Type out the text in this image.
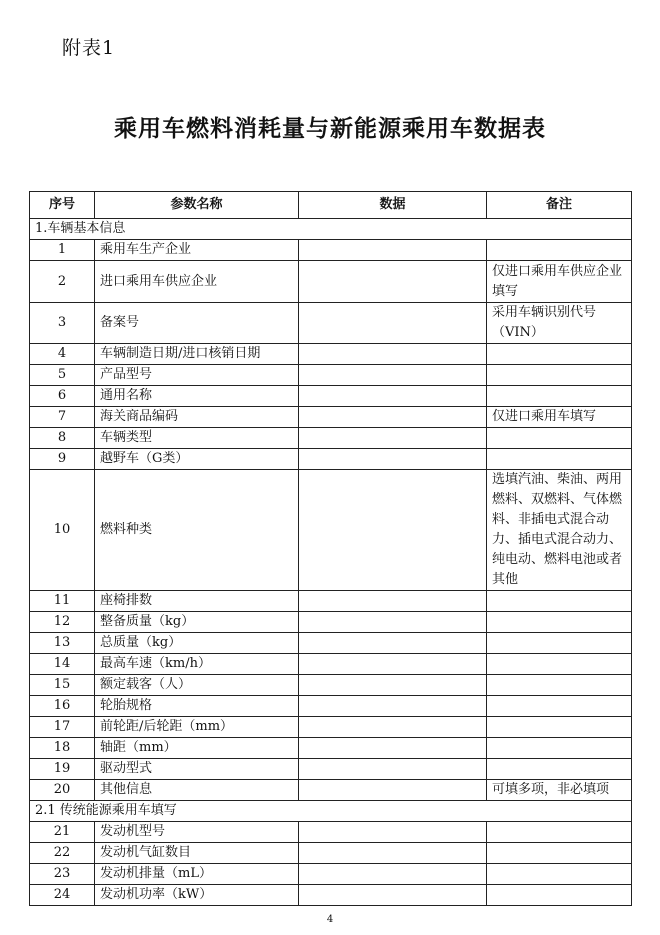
附表1
乘用车燃料消耗量与新能源乘用车数据表
序号	参数名称	数据	备注
1.车辆基本信息			
1	乘用车生产企业		
2	进口乘用车供应企业		仅进口乘用车供应企业填写
3	备案号		采用车辆识别代号（VIN）
4	车辆制造日期/进口核销日期		
5	产品型号		
6	通用名称		
7	海关商品编码		仅进口乘用车填写
8	车辆类型		
9	越野车（G类）		
10	燃料种类		选填汽油、柴油、两用燃料、双燃料、气体燃料、非插电式混合动力、插电式混合动力、纯电动、燃料电池或者其他
11	座椅排数		
12	整备质量（kg）		
13	总质量（kg）		
14	最高车速（km/h）		
15	额定载客（人）		
16	轮胎规格		
17	前轮距/后轮距（mm）		
18	轴距（mm）		
19	驱动型式		
20	其他信息		可填多项，非必填项
2.1 传统能源乘用车填写			
21	发动机型号		
22	发动机气缸数目		
23	发动机排量（mL）		
24	发动机功率（kW）		
4
